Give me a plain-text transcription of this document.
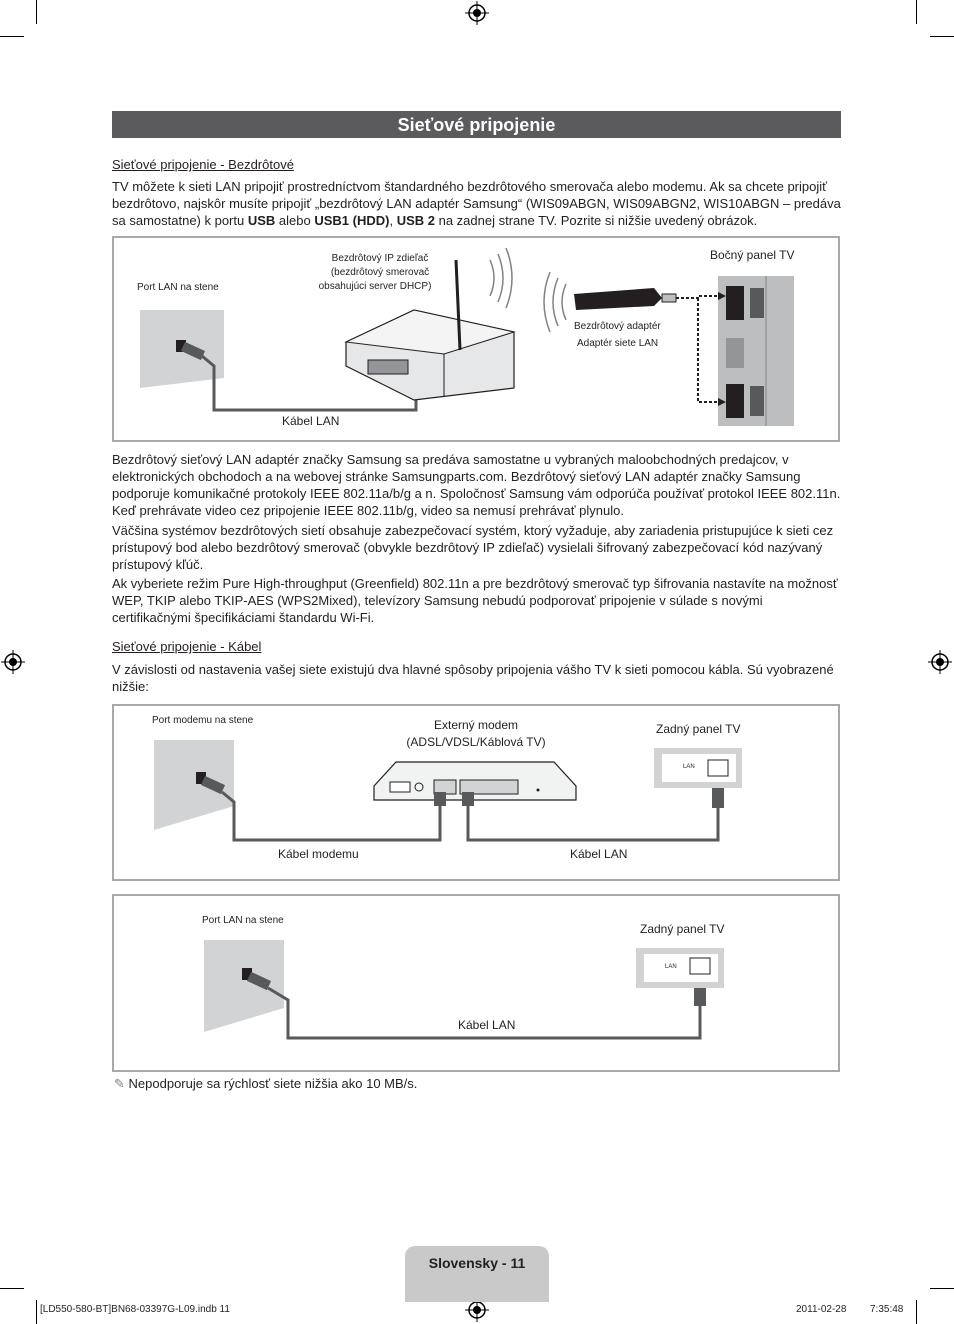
Sieťové pripojenie
Sieťové pripojenie - Bezdrôtové

TV môžete k sieti LAN pripojiť prostredníctvom štandardného bezdrôtového smerovača alebo modemu. Ak sa chcete pripojiť bezdrôtovo, najskôr musíte pripojiť „bezdrôtový LAN adaptér Samsung“ (WIS09ABGN, WIS09ABGN2, WIS10ABGN – predáva sa samostatne) k portu USB alebo USB1 (HDD), USB 2 na zadnej strane TV. Pozrite si nižšie uvedený obrázok.

Port LAN na stene
Bezdrôtový IP zdieľač
(bezdrôtový smerovač
obsahujúci server DHCP)
Bezdrôtový adaptér
Adaptér siete LAN
Bočný panel TV
Kábel LAN

Bezdrôtový sieťový LAN adaptér značky Samsung sa predáva samostatne u vybraných maloobchodných predajcov, v elektronických obchodoch a na webovej stránke Samsungparts.com. Bezdrôtový sieťový LAN adaptér značky Samsung podporuje komunikačné protokoly IEEE 802.11a/b/g a n. Spoločnosť Samsung vám odporúča používať protokol IEEE 802.11n. Keď prehrávate video cez pripojenie IEEE 802.11b/g, video sa nemusí prehrávať plynulo.

Väčšina systémov bezdrôtových sietí obsahuje zabezpečovací systém, ktorý vyžaduje, aby zariadenia pristupujúce k sieti cez prístupový bod alebo bezdrôtový smerovač (obvykle bezdrôtový IP zdieľač) vysielali šifrovaný zabezpečovací kód nazývaný prístupový kľúč.

Ak vyberiete režim Pure High-throughput (Greenfield) 802.11n a pre bezdrôtový smerovač typ šifrovania nastavíte na možnosť WEP, TKIP alebo TKIP-AES (WPS2Mixed), televízory Samsung nebudú podporovať pripojenie v súlade s novými certifikačnými špecifikáciami štandardu Wi-Fi.

Sieťové pripojenie - Kábel

V závislosti od nastavenia vašej siete existujú dva hlavné spôsoby pripojenia vášho TV k sieti pomocou kábla. Sú vyobrazené nižšie:

Port modemu na stene	Externý modem
(ADSL/VDSL/Káblová TV)
Zadný panel TV
LAN
Kábel modemu	Kábel LAN
Port LAN na stene
Zadný panel TV
LAN
Kábel LAN
✎ Nepodporuje sa rýchlosť siete nižšia ako 10 MB/s.
Slovensky - 11
[LD550-580-BT]BN68-03397G-L09.indb 11	2011-02-28 7:35:48
